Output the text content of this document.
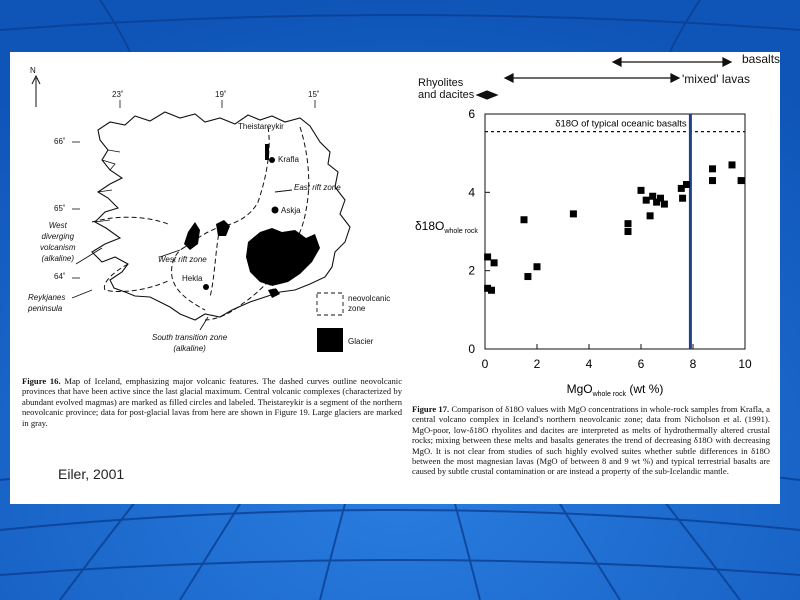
N
23˚	19˚	15˚
66˚
65˚
64˚
Theistareykir
Krafla
East rift zone
Askja
West
diverging
volcanism
(alkaline)	West rift zone
Hekla
Kot-lu
Reykjanes
peninsula
South transition zone
(alkaline)
neovolcanic
zone
Glacier
Figure 16. Map of Iceland, emphasizing major volcanic features. The dashed curves outline neovolcanic provinces that have been active since the last glacial maximum. Central volcanic complexes (characterized by abundant evolved magmas) are marked as filled circles and labeled. Theistareykir is a segment of the northern neovolcanic province; data for post-glacial lavas from here are shown in Figure 19. Large glaciers are marked in gray.
Eiler, 2001
0	2	4	6	8	10
0
2
4
6
δ18O of typical oceanic basalts
MgO$_{whole rock}$ (wt %)
$\delta 18O_{whole rock}$
basalts
'mixed' lavas
Rhyolites
and dacites
Figure 17. Comparison of δ18O values with MgO concentrations in whole-rock samples from Krafla, a central volcano complex in Iceland's northern neovolcanic zone; data from Nicholson et al. (1991). MgO-poor, low-δ18O rhyolites and dacites are interpreted as melts of hydrothermally altered crustal rocks; mixing between these melts and basalts generates the trend of decreasing δ18O with decreasing MgO. It is not clear from studies of such highly evolved suites whether subtle differences in δ18O between the most magnesian lavas (MgO of between 8 and 9 wt %) and typical terrestrial basalts are caused by subtle crustal contamination or are instead a property of the sub-Icelandic mantle.
